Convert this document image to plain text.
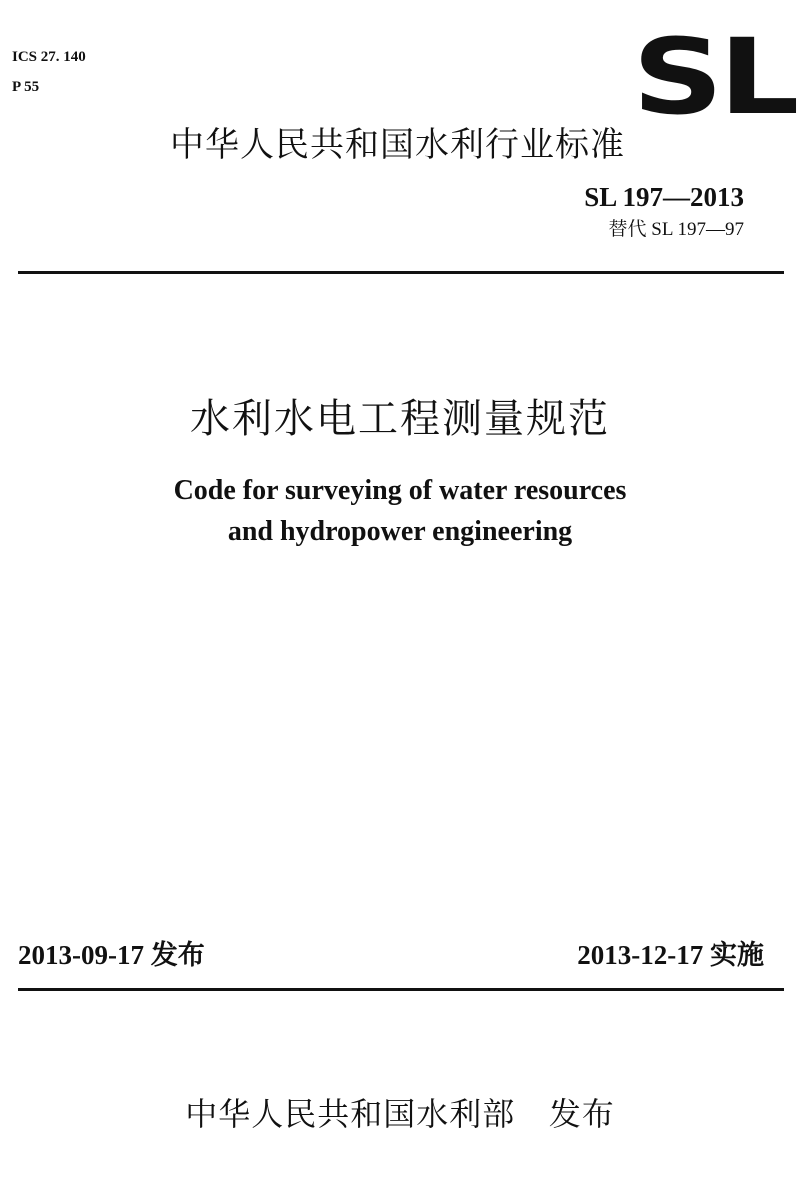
ICS 27. 140
P 55	SL
中华人民共和国水利行业标准
SL 197—2013
替代 SL 197—97
水利水电工程测量规范
Code for surveying of water resources
and hydropower engineering
2013-09-17 发布	2013-12-17 实施
中华人民共和国水利部   发布
